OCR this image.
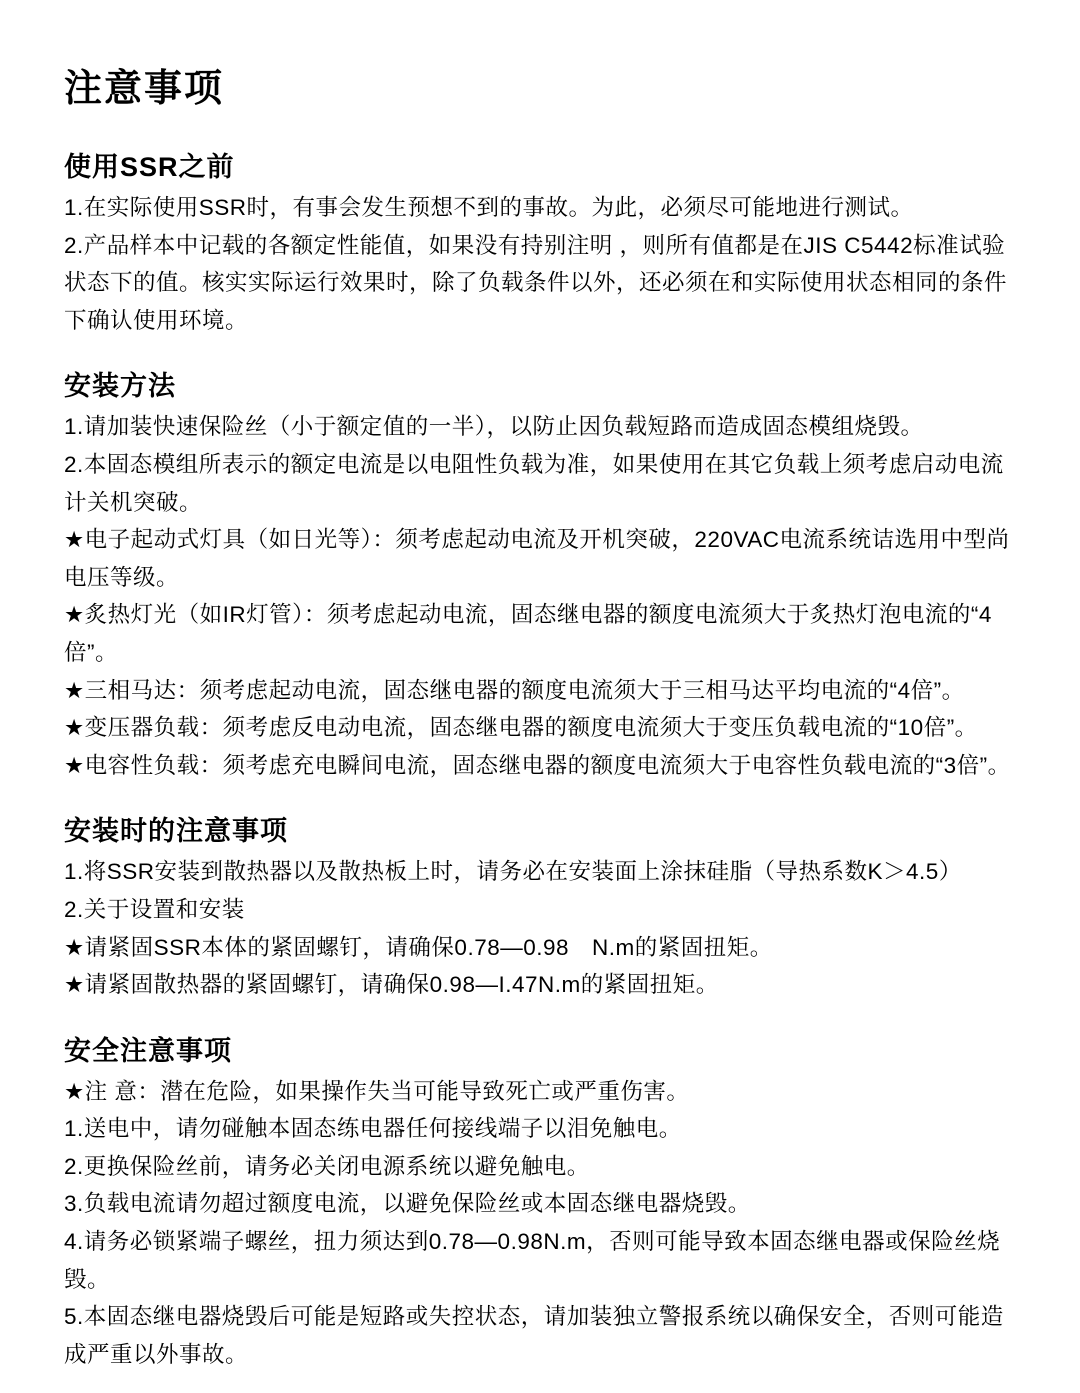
注意事项
使用SSR之前

1.在实际使用SSR时，有事会发生预想不到的事故。为此，必须尽可能地进行测试。

2.产品样本中记载的各额定性能值，如果没有持别注明 ，则所有值都是在JIS C5442标准试验状态下的值。核实实际运行效果时，除了负载条件以外，还必须在和实际使用状态相同的条件下确认使用环境。

安装方法

1.请加装快速保险丝（小于额定值的一半），以防止因负载短路而造成固态模组烧毁。

2.本固态模组所表示的额定电流是以电阻性负载为准，如果使用在其它负载上须考虑启动电流计关机突破。

★电子起动式灯具（如日光等）：须考虑起动电流及开机突破，220VAC电流系统诘选用中型尚电压等级。

★炙热灯光（如IR灯管）：须考虑起动电流，固态继电器的额度电流须大于炙热灯泡电流的“4倍”。

★三相马达：须考虑起动电流，固态继电器的额度电流须大于三相马达平均电流的“4倍”。

★变压器负载：须考虑反电动电流，固态继电器的额度电流须大于变压负载电流的“10倍”。

★电容性负载：须考虑充电瞬间电流，固态继电器的额度电流须大于电容性负载电流的“3倍”。

安装时的注意事项

1.将SSR安装到散热器以及散热板上时，请务必在安装面上涂抹硅脂（导热系数K＞4.5）

2.关于设置和安装

★请紧固SSR本体的紧固螺钉，请确保0.78—0.98　N.m的紧固扭矩。

★请紧固散热器的紧固螺钉，请确保0.98—I.47N.m的紧固扭矩。

安全注意事项

★注 意：潜在危险，如果操作失当可能导致死亡或严重伤害。

1.送电中，请勿碰触本固态练电器任何接线端子以泪免触电。

2.更换保险丝前，请务必关闭电源系统以避免触电。

3.负载电流请勿超过额度电流，以避免保险丝或本固态继电器烧毁。

4.请务必锁紧端子螺丝，扭力须达到0.78—0.98N.m，否则可能导致本固态继电器或保险丝烧毁。

5.本固态继电器烧毁后可能是短路或失控状态，请加装独立警报系统以确保安全，否则可能造成严重以外事故。
